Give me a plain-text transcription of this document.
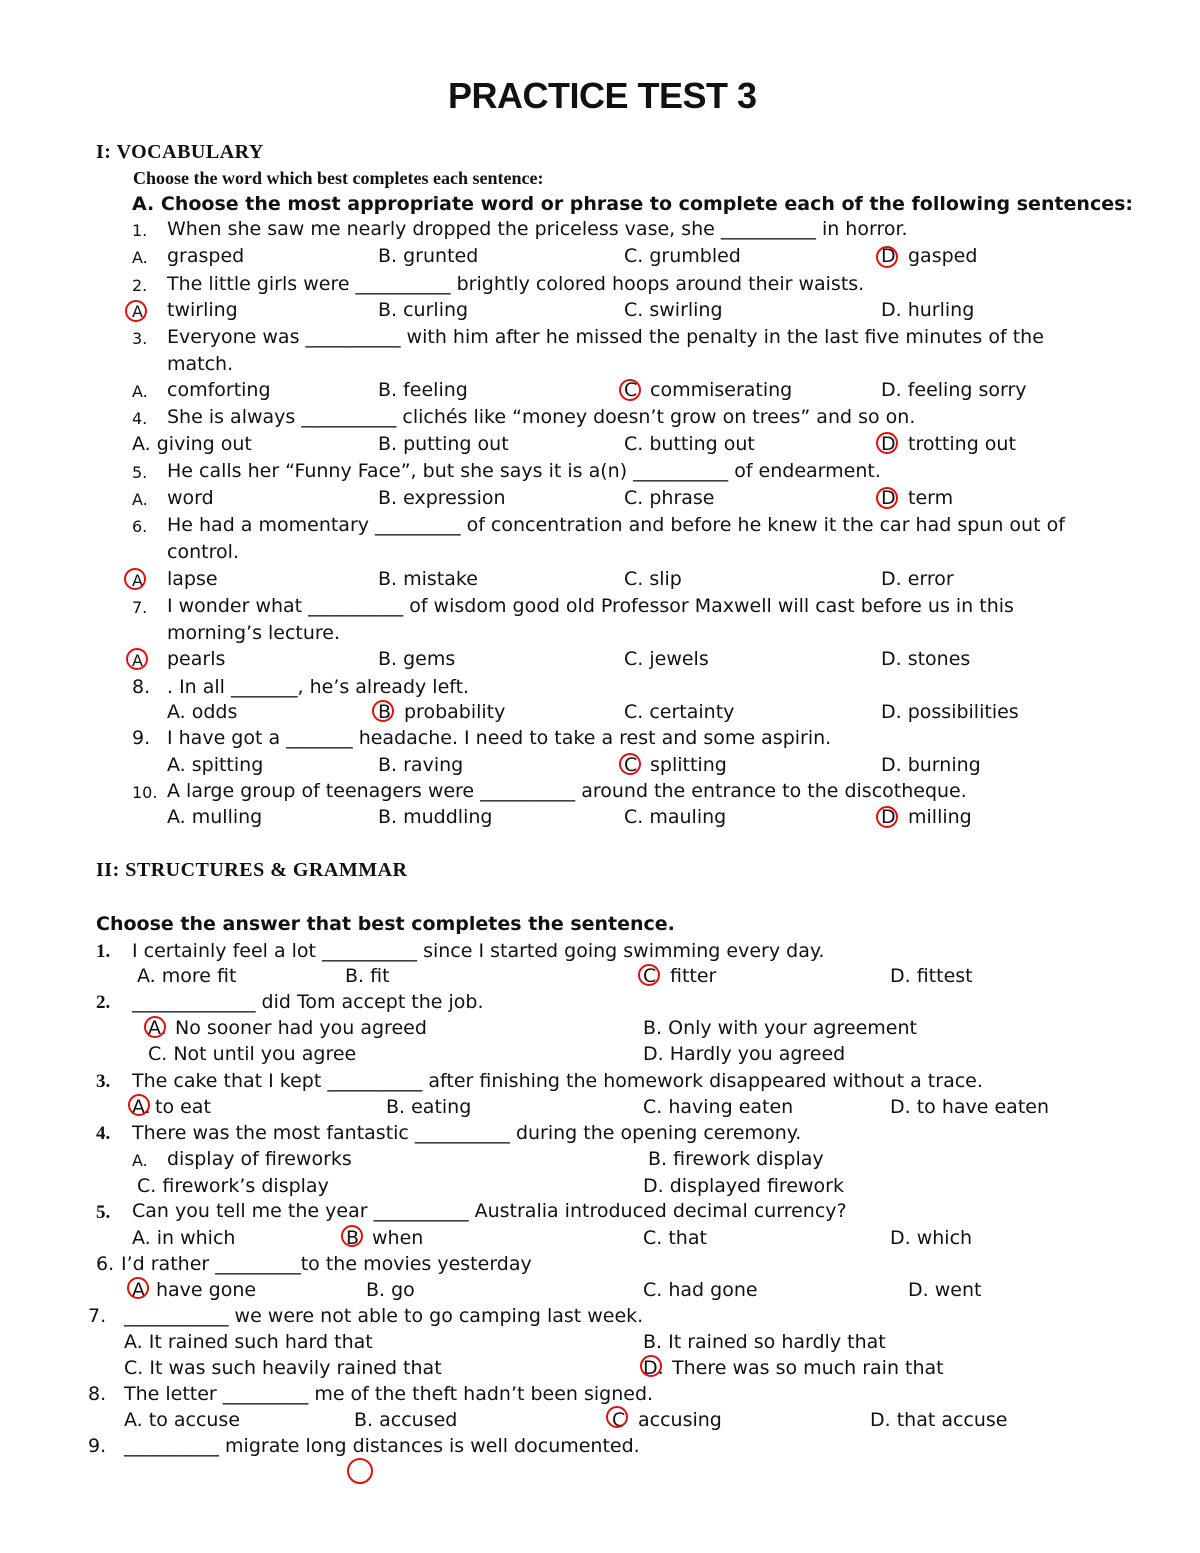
PRACTICE TEST 3
I: VOCABULARY
Choose the word which best completes each sentence:
A. Choose the most appropriate word or phrase to complete each of the following sentences:
1. When she saw me nearly dropped the priceless vase, she __________ in horror.
A. grasped	B. grunted	C. grumbled	D gasped
2. The little girls were __________ brightly colored hoops around their waists.
A twirling	B. curling	C. swirling	D. hurling
3. Everyone was __________ with him after he missed the penalty in the last five minutes of the
match.
A. comforting	B. feeling	C commiserating	D. feeling sorry
4. She is always __________ clichés like “money doesn’t grow on trees” and so on.
A. giving out	B. putting out	C. butting out	D trotting out
5. He calls her “Funny Face”, but she says it is a(n) __________ of endearment.
A. word	B. expression	C. phrase	D term
6. He had a momentary _________ of concentration and before he knew it the car had spun out of
control.
A lapse	B. mistake	C. slip	D. error
7. I wonder what __________ of wisdom good old Professor Maxwell will cast before us in this
morning’s lecture.
A pearls	B. gems	C. jewels	D. stones
8. . In all _______, he’s already left.
A. odds	B probability	C. certainty	D. possibilities
9. I have got a _______ headache. I need to take a rest and some aspirin.
A. spitting	B. raving	C splitting	D. burning
10. A large group of teenagers were __________ around the entrance to the discotheque.
A. mulling	B. muddling	C. mauling	D milling
II: STRUCTURES & GRAMMAR
Choose the answer that best completes the sentence.
1. I certainly feel a lot __________ since I started going swimming every day.
A. more fit	B. fit	C fitter	D. fittest
2. _____________ did Tom accept the job.
A. No sooner had you agreed	B. Only with your agreement
C. Not until you agree	D. Hardly you agreed
3. The cake that I kept __________ after finishing the homework disappeared without a trace.
A. to eat	B. eating	C. having eaten	D. to have eaten
4. There was the most fantastic __________ during the opening ceremony.
A. display of fireworks	B. firework display
C. firework’s display	D. displayed firework
5. Can you tell me the year __________ Australia introduced decimal currency?
A. in which	B when	C. that	D. which
6. I’d rather _________to the movies yesterday
A have gone	B. go	C. had gone	D. went
7. ___________ we were not able to go camping last week.
A. It rained such hard that	B. It rained so hardly that
C. It was such heavily rained that	D. There was so much rain that
8. The letter _________ me of the theft hadn’t been signed.
A. to accuse	B. accused	C accusing	D. that accuse
9. __________ migrate long distances is well documented.
